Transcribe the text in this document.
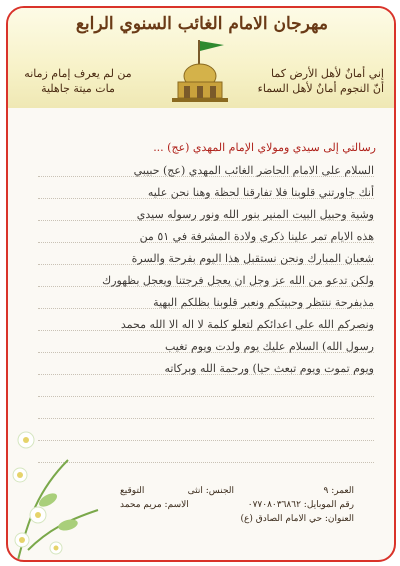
مهرجان الامام الغائب السنوي الرابع
إني أمانٌ لأهل الأرض كما
أنّ النجوم أمانٌ لأهل السماء
من لم يعرف إمام زمانه
مات ميتة جاهلية
رسالتي إلى سيدي ومولاي الإمام المهدي (عج) ...
السلام على الامام الحاضر الغائب المهدي (عج) حبيبي
أنك جاورتني قلوبنا فلا تفارقنا لحظة وهنا نحن عليه
وشية وحبيل البيت المنير بنور الله ونور رسوله سيدي
هذه الايام تمر علينا ذكرى ولادة المشرفة في ٥١ من
شعبان المبارك ونحن نستقبل هذا اليوم بفرحة والسرة
ولكن تدعو من الله عز وجل ان يعجل فرجتنا ويعجل بظهورك
مذبفرحة ننتظر وحبيتكم ونعبر قلوبنا بظلكم البهية
ونصركم الله على اعدائكم لتعلو كلمة لا اله الا الله محمد
رسول الله) السلام عليك يوم ولدت ويوم تغيب
ويوم تموت ويوم تبعث حيا) ورحمة الله وبركاته
العمر: ٩
الجنس: انثى
التوقيع
رقم الموبايل: ٠٧٧٠٨٠٣٦٨٦٢
الاسم: مريم محمد
العنوان: حي الامام الصادق (ع)
